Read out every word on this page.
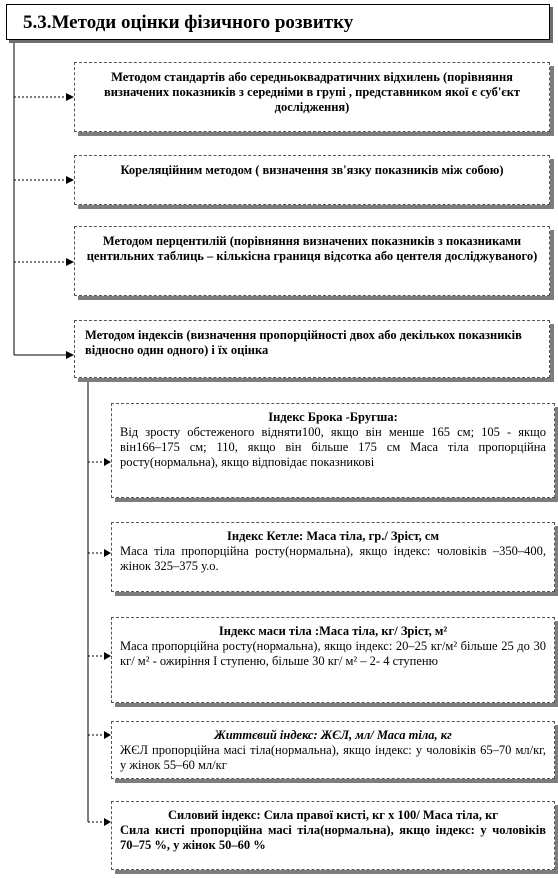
5.3.Методи оцінки фізичного розвитку
Методом стандартів або середньоквадратичних відхилень (порівняння визначених показників з середніми в групі , представником якої є суб'єкт дослідження)
Кореляційним методом ( визначення зв'язку показників між собою)
Методом перцентилій (порівняння визначених показників з показниками центильних таблиць – кількісна границя відсотка або центеля досліджуваного)
Методом індексів (визначення пропорційності двох або декількох показників відносно один одного) і їх оцінка
Індекс Брока -Бругша:
Від зросту обстеженого відняти100, якщо він менше 165 см; 105 - якщо він166–175 см; 110, якщо він більше 175 см Маса тіла пропорційна росту(нормальна), якщо відповідає показникові
Індекс Кетле: Маса тіла, гр./ Зріст, см
Маса тіла пропорційна росту(нормальна), якщо індекс: чоловіків –350–400, жінок 325–375 у.о.
Індекс маси тіла :Маса тіла, кг/ Зріст, м²
Маса пропорційна росту(нормальна), якщо індекс: 20–25 кг/м² більше 25 до 30 кг/ м² - ожиріння I ступеню, більше 30 кг/ м² – 2- 4 ступеню
Життєвий індекс: ЖЄЛ, мл/ Маса тіла, кг
ЖЄЛ пропорційна масі тіла(нормальна), якщо індекс: у чоловіків 65–70 мл/кг, у жінок 55–60 мл/кг
Силовий індекс: Сила правої кисті, кг х 100/ Маса тіла, кг
Сила кисті пропорційна масі тіла(нормальна), якщо індекс: у чоловіків 70–75 %, у жінок 50–60 %
